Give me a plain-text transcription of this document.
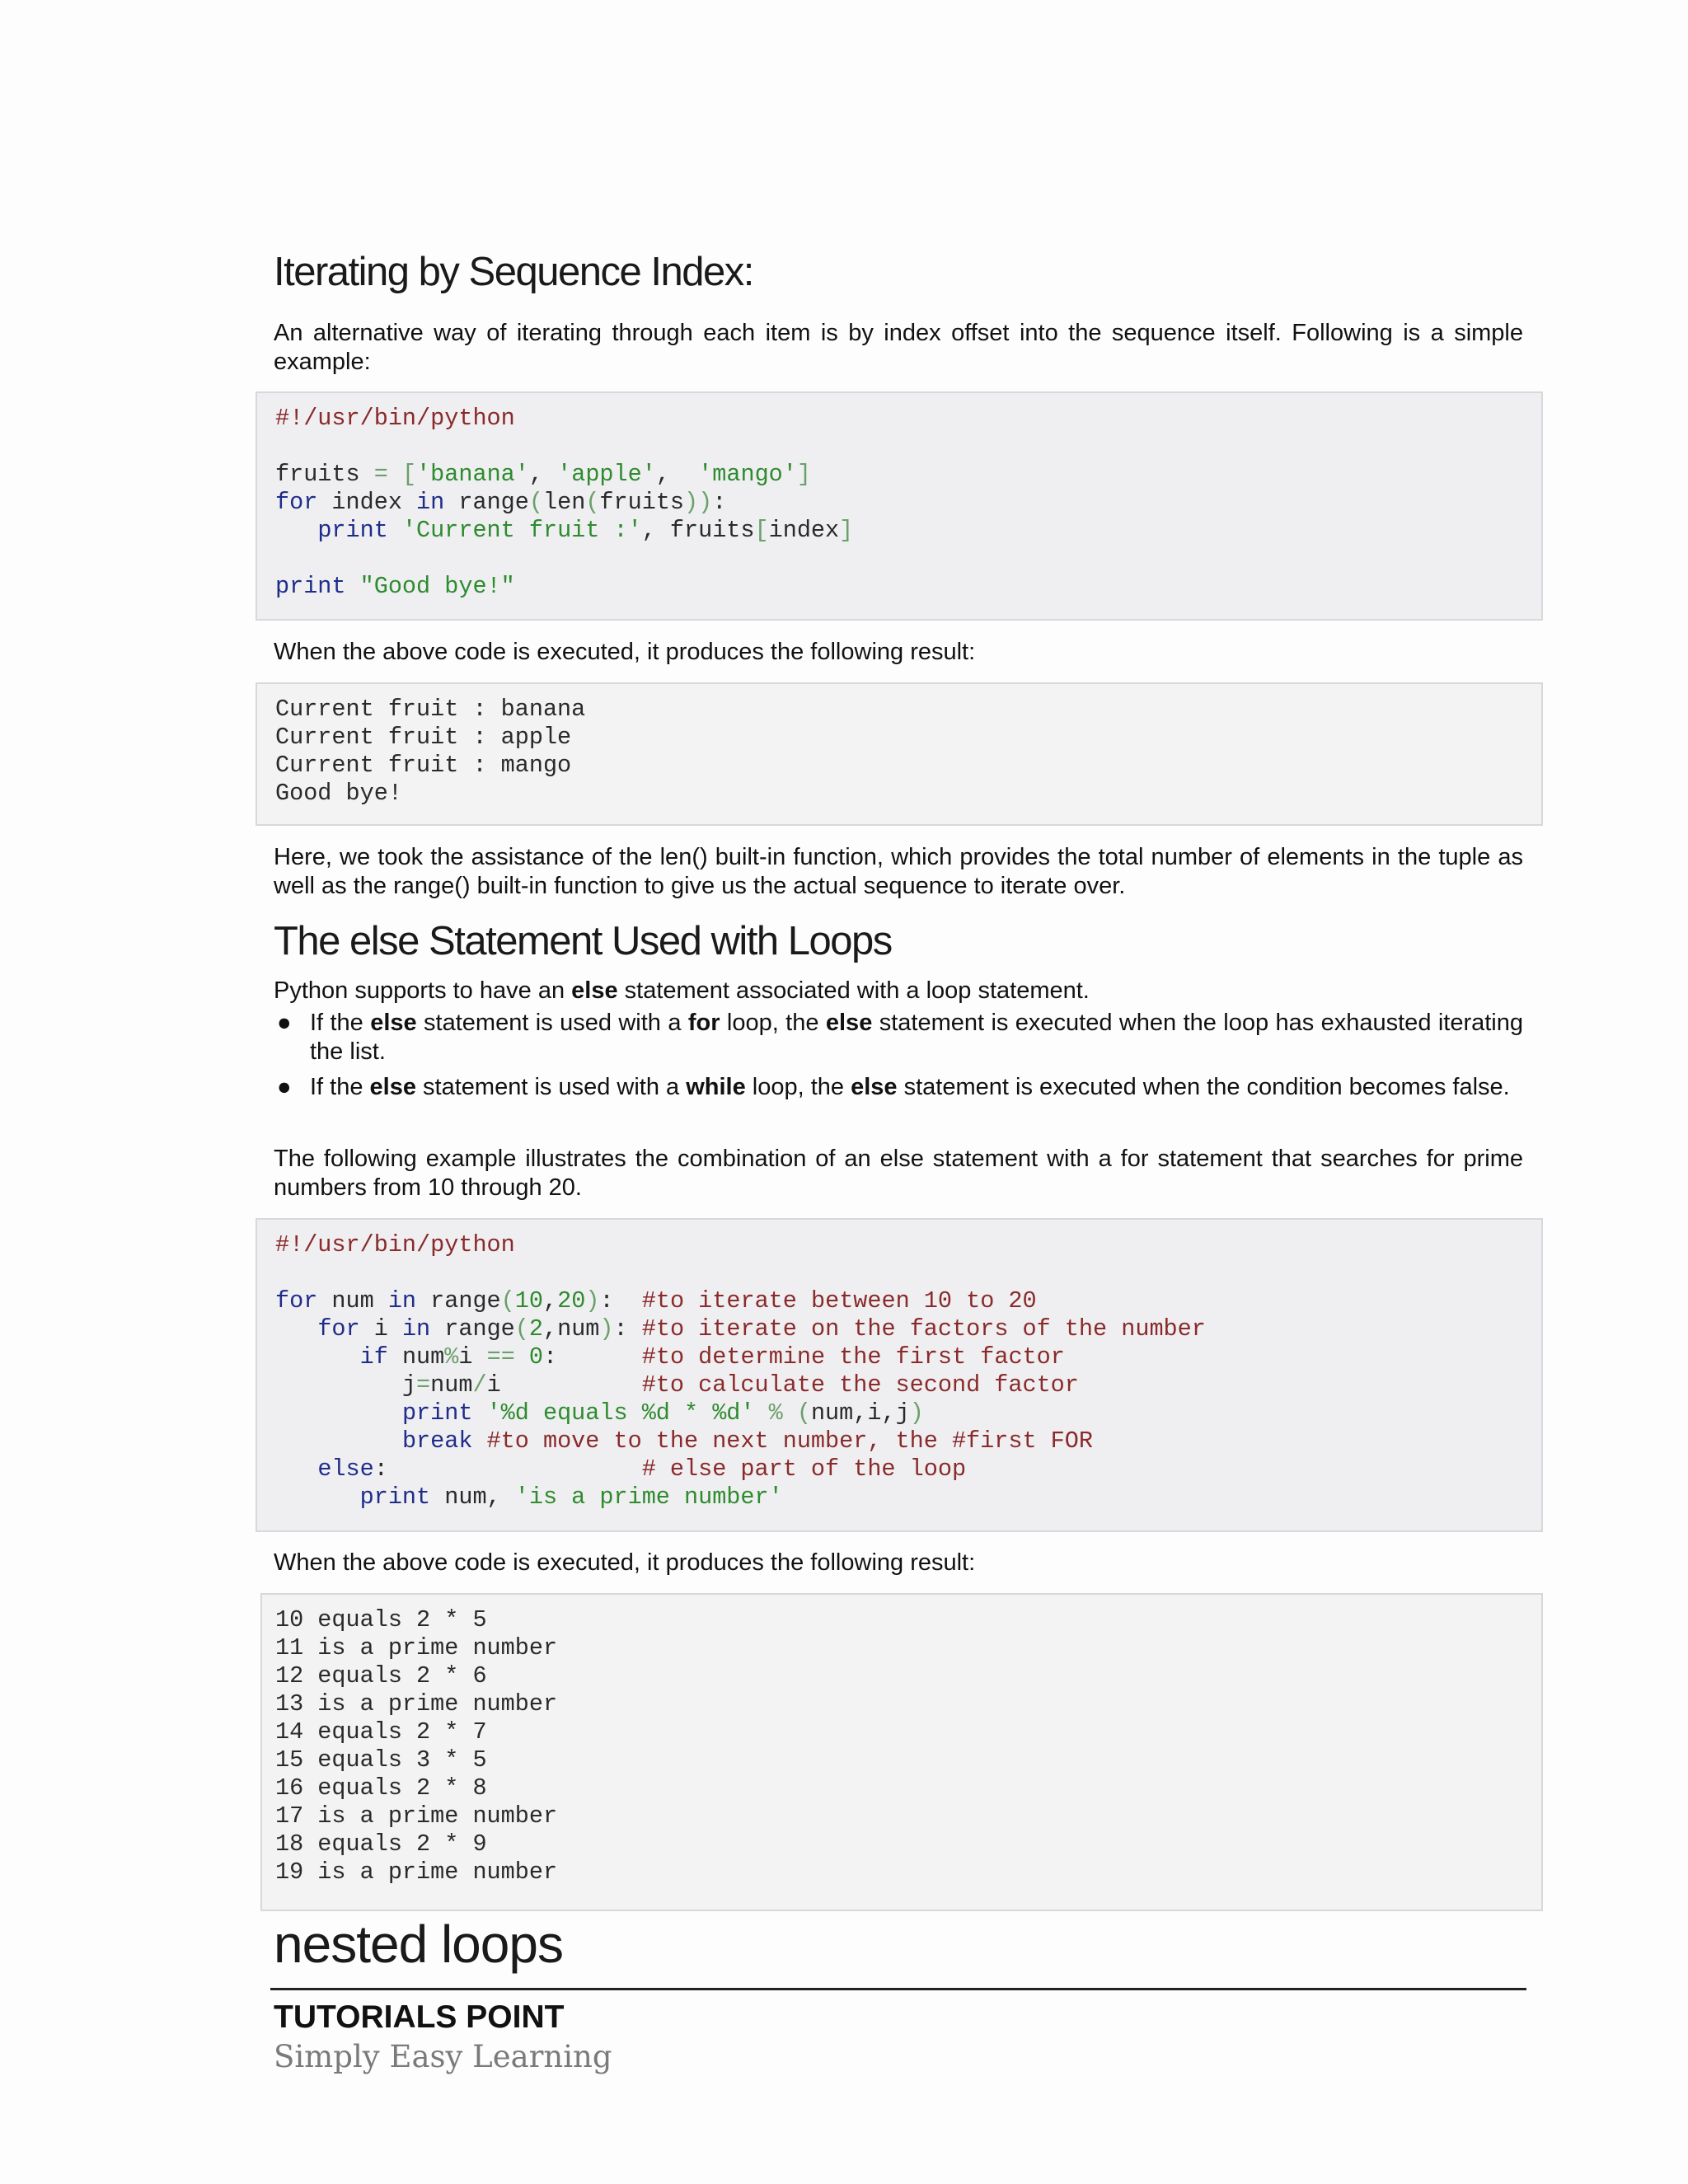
Iterating by Sequence Index:

An alternative way of iterating through each item is by index offset into the sequence itself. Following is a simple example:

#!/usr/bin/python

fruits = ['banana', 'apple',  'mango']
for index in range(len(fruits)):
print 'Current fruit :', fruits[index]

print "Good bye!"

When the above code is executed, it produces the following result:

Current fruit : banana
Current fruit : apple
Current fruit : mango
Good bye!

Here, we took the assistance of the len() built-in function, which provides the total number of elements in the tuple as well as the range() built-in function to give us the actual sequence to iterate over.

The else Statement Used with Loops

Python supports to have an else statement associated with a loop statement.

● If the else statement is used with a for loop, the else statement is executed when the loop has exhausted iterating the list.
● If the else statement is used with a while loop, the else statement is executed when the condition becomes false.

The following example illustrates the combination of an else statement with a for statement that searches for prime numbers from 10 through 20.

#!/usr/bin/python

for num in range(10,20):  #to iterate between 10 to 20
for i in range(2,num): #to iterate on the factors of the number
if num%i == 0:      #to determine the first factor
j=num/i          #to calculate the second factor
print '%d equals %d * %d' % (num,i,j)
break #to move to the next number, the #first FOR
else:                  # else part of the loop
print num, 'is a prime number'

When the above code is executed, it produces the following result:

10 equals 2 * 5
11 is a prime number
12 equals 2 * 6
13 is a prime number
14 equals 2 * 7
15 equals 3 * 5
16 equals 2 * 8
17 is a prime number
18 equals 2 * 9
19 is a prime number
nested loops
TUTORIALS POINT
Simply Easy Learning
